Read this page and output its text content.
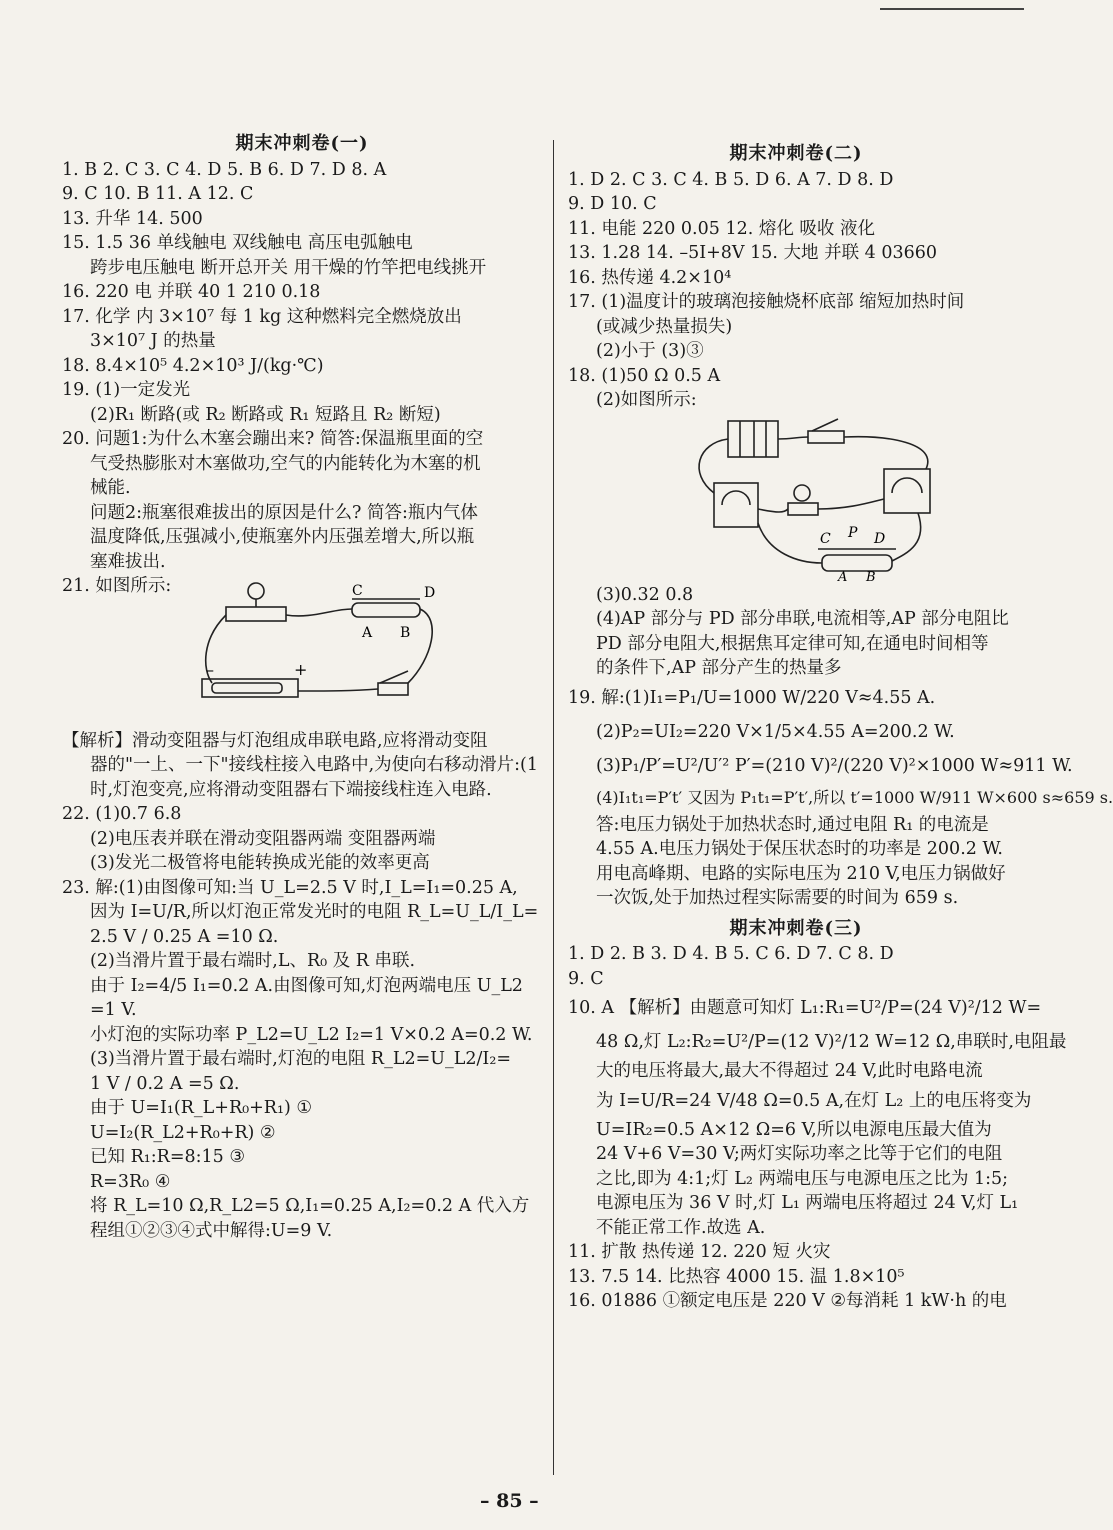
期末冲刺卷(一)
1. B 2. C 3. C 4. D 5. B 6. D 7. D 8. A
9. C 10. B 11. A 12. C
13. 升华 14. 500
15. 1.5 36 单线触电 双线触电 高压电弧触电
跨步电压触电 断开总开关 用干燥的竹竿把电线挑开
16. 220 电 并联 40 1 210 0.18
17. 化学 内 3×10⁷ 每 1 kg 这种燃料完全燃烧放出
3×10⁷ J 的热量
18. 8.4×10⁵ 4.2×10³ J/(kg·℃)
19. (1)一定发光
(2)R₁ 断路(或 R₂ 断路或 R₁ 短路且 R₂ 断短)
20. 问题1:为什么木塞会蹦出来? 简答:保温瓶里面的空
气受热膨胀对木塞做功,空气的内能转化为木塞的机
械能.
问题2:瓶塞很难拔出的原因是什么? 简答:瓶内气体
温度降低,压强减小,使瓶塞外内压强差增大,所以瓶
塞难拔出.
21. 如图所示:	C	D
A B
–	+
【解析】滑动变阻器与灯泡组成串联电路,应将滑动变阻
器的"一上、一下"接线柱接入电路中,为使向右移动滑片:(1
时,灯泡变亮,应将滑动变阻器右下端接线柱连入电路.
22. (1)0.7 6.8
(2)电压表并联在滑动变阻器两端 变阻器两端
(3)发光二极管将电能转换成光能的效率更高
23. 解:(1)由图像可知:当 U_L=2.5 V 时,I_L=I₁=0.25 A,
因为 I=U/R,所以灯泡正常发光时的电阻 R_L=U_L/I_L=
2.5 V / 0.25 A =10 Ω.
(2)当滑片置于最右端时,L、R₀ 及 R 串联.
由于 I₂=4/5 I₁=0.2 A.由图像可知,灯泡两端电压 U_L2
=1 V.
小灯泡的实际功率 P_L2=U_L2 I₂=1 V×0.2 A=0.2 W.
(3)当滑片置于最右端时,灯泡的电阻 R_L2=U_L2/I₂=
1 V / 0.2 A =5 Ω.
由于 U=I₁(R_L+R₀+R₁) ①
U=I₂(R_L2+R₀+R) ②
已知 R₁:R=8:15 ③
R=3R₀ ④
将 R_L=10 Ω,R_L2=5 Ω,I₁=0.25 A,I₂=0.2 A 代入方
程组①②③④式中解得:U=9 V.
期末冲刺卷(二)
1. D 2. C 3. C 4. B 5. D 6. A 7. D 8. D
9. D 10. C
11. 电能 220 0.05 12. 熔化 吸收 液化
13. 1.28 14. –5I+8V 15. 大地 并联 4 03660
16. 热传递 4.2×10⁴
17. (1)温度计的玻璃泡接触烧杯底部 缩短加热时间
(或减少热量损失)
(2)小于 (3)③
18. (1)50 Ω 0.5 A
(2)如图所示:
C P D
A B
(3)0.32 0.8
(4)AP 部分与 PD 部分串联,电流相等,AP 部分电阻比
PD 部分电阻大,根据焦耳定律可知,在通电时间相等
的条件下,AP 部分产生的热量多
19. 解:(1)I₁=P₁/U=1000 W/220 V≈4.55 A.
(2)P₂=UI₂=220 V×1/5×4.55 A=200.2 W.
(3)P₁/P′=U²/U′² P′=(210 V)²/(220 V)²×1000 W≈911 W.
(4)I₁t₁=P′t′ 又因为 P₁t₁=P′t′,所以 t′=1000 W/911 W×600 s≈659 s.
答:电压力锅处于加热状态时,通过电阻 R₁ 的电流是
4.55 A.电压力锅处于保压状态时的功率是 200.2 W.
用电高峰期、电路的实际电压为 210 V,电压力锅做好
一次饭,处于加热过程实际需要的时间为 659 s.
期末冲刺卷(三)
1. D 2. B 3. D 4. B 5. C 6. D 7. C 8. D
9. C
10. A 【解析】由题意可知灯 L₁:R₁=U²/P=(24 V)²/12 W=
48 Ω,灯 L₂:R₂=U²/P=(12 V)²/12 W=12 Ω,串联时,电阻最
大的电压将最大,最大不得超过 24 V,此时电路电流
为 I=U/R=24 V/48 Ω=0.5 A,在灯 L₂ 上的电压将变为
U=IR₂=0.5 A×12 Ω=6 V,所以电源电压最大值为
24 V+6 V=30 V;两灯实际功率之比等于它们的电阻
之比,即为 4:1;灯 L₂ 两端电压与电源电压之比为 1:5;
电源电压为 36 V 时,灯 L₁ 两端电压将超过 24 V,灯 L₁
不能正常工作.故选 A.
11. 扩散 热传递 12. 220 短 火灾
13. 7.5 14. 比热容 4000 15. 温 1.8×10⁵
16. 01886 ①额定电压是 220 V ②每消耗 1 kW·h 的电
– 85 –
